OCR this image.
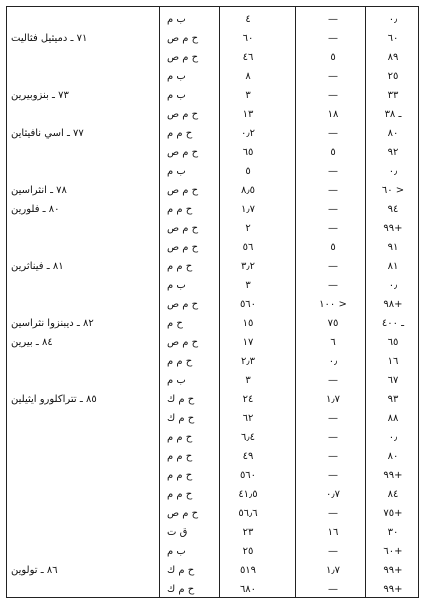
ب م	٤	—	٠٫
٧١ ـ دميثيل فثاليت	ح م ص	٦٠	—	٦٠
ح م ص	٤٦	٥	٨٩
ب م	٨	—	٢٥
٧٣ ـ بنزوبيرين	ب م	٣	—	٣٣
ح م ص	١٣	١٨	ـ ٣٨
٧٧ ـ اسي نافيثاين	ح م م	٠٫٢	—	٨٠
ح م ص	٦٥	٥	٩٢
ب م	٥	—	٠٫
٧٨ ـ انثراسين	ح م ص	٨٫٥	—	< ٦٠
٨٠ ـ فلورين	ح م م	١٫٧	—	٩٤
ح م ص	٢	—	+٩٩
ح م ص	٥٦	٥	٩١
٨١ ـ فيناثرين	ح م م	٣٫٢	—	٨١
ب م	٣	—	٠٫
ح م ص	٥٦٠	< ١٠٠	+٩٨
٨٢ ـ ديبنزوا نثراسين	ح م	١٥	٧٥	ـ ٤٠٠
٨٤ ـ بيرين	ح م ص	١٧	٦	٦٥
ح م م	٢٫٣	٠٫	١٦
ب م	٣	—	٦٧
٨٥ ـ تتراكلورو ايثيلين	ح م ك	٢٤	١٫٧	٩٣
ح م ك	٦٢	—	٨٨
ح م م	٦٫٤	—	٠٫
ح م م	٤٩	—	٨٠
ح م م	٥٦٠	—	+٩٩
ح م م	٤١٫٥	٠٫٧	٨٤
ح م ص	٥٦٫٦	—	+٧٥
ق ت	٢٣	١٦	٣٠
ب م	٢٥	—	+٦٠
٨٦ ـ تولوين	ح م ك	٥١٩	١٫٧	+٩٩
ح م ك	٦٨٠	—	+٩٩
